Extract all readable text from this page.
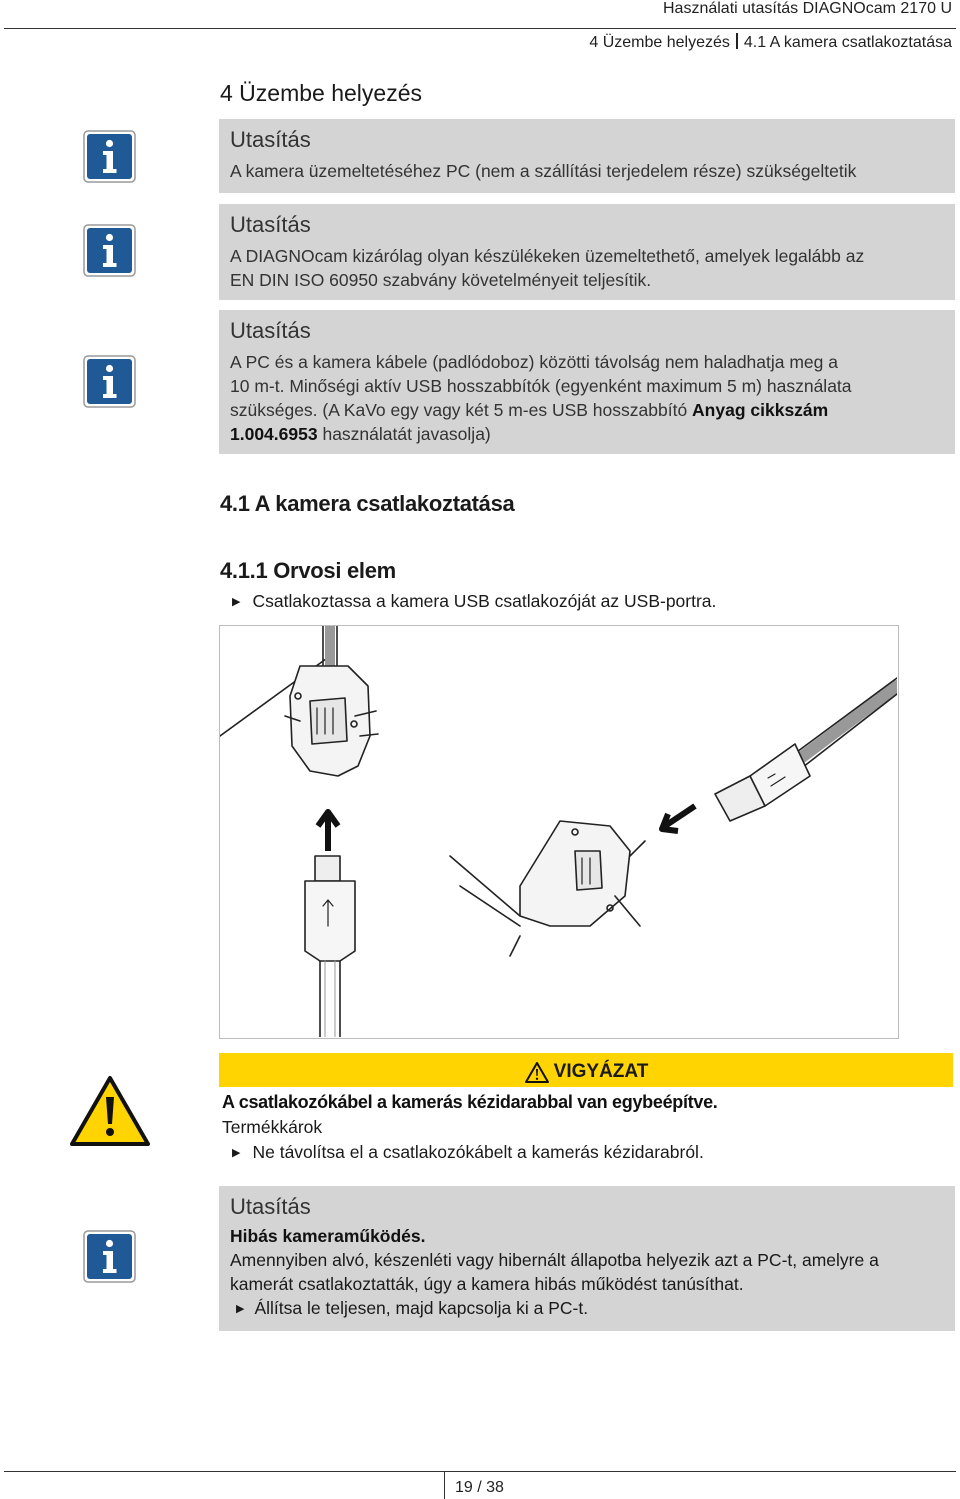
Használati utasítás DIAGNOcam 2170 U
4 Üzembe helyezés 4.1 A kamera csatlakoztatása
4 Üzembe helyezés
Utasítás
A kamera üzemeltetéséhez PC (nem a szállítási terjedelem része) szükségeltetik
Utasítás
A DIAGNOcam kizárólag olyan készülékeken üzemeltethető, amelyek legalább az
EN DIN ISO 60950 szabvány követelményeit teljesítik.
Utasítás
A PC és a kamera kábele (padlódoboz) közötti távolság nem haladhatja meg a
10 m-t. Minőségi aktív USB hosszabbítók (egyenként maximum 5 m) használata
szükséges. (A KaVo egy vagy két 5 m-es USB hosszabbító Anyag cikkszám
1.004.6953 használatát javasolja)
4.1 A kamera csatlakoztatása
4.1.1 Orvosi elem
▶ Csatlakoztassa a kamera USB csatlakozóját az USB-portra.
VIGYÁZAT
A csatlakozókábel a kamerás kézidarabbal van egybeépítve.
Termékkárok
▶ Ne távolítsa el a csatlakozókábelt a kamerás kézidarabról.
Utasítás
Hibás kameraműködés.
Amennyiben alvó, készenléti vagy hibernált állapotba helyezik azt a PC-t, amelyre a
kamerát csatlakoztatták, úgy a kamera hibás működést tanúsíthat.
▶ Állítsa le teljesen, majd kapcsolja ki a PC-t.
19 / 38
